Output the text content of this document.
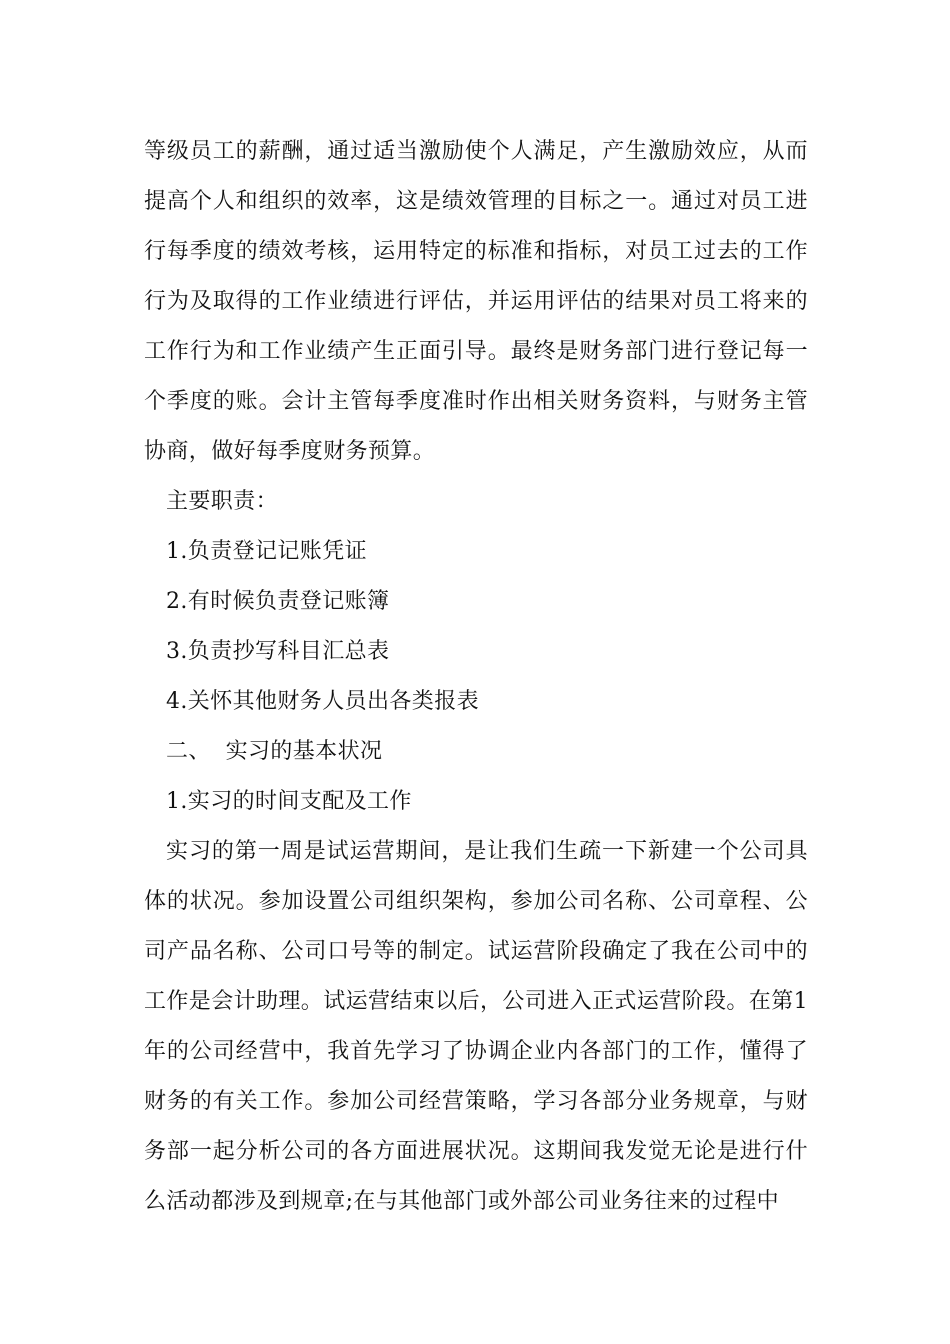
等级员工的薪酬，通过适当激励使个人满足，产生激励效应，从而提高个人和组织的效率，这是绩效管理的目标之一。通过对员工进行每季度的绩效考核，运用特定的标准和指标，对员工过去的工作行为及取得的工作业绩进行评估，并运用评估的结果对员工将来的工作行为和工作业绩产生正面引导。最终是财务部门进行登记每一个季度的账。会计主管每季度准时作出相关财务资料，与财务主管协商，做好每季度财务预算。

主要职责：

1.负责登记记账凭证

2.有时候负责登记账簿

3.负责抄写科目汇总表

4.关怀其他财务人员出各类报表

二、  实习的基本状况

1.实习的时间支配及工作

实习的第一周是试运营期间，是让我们生疏一下新建一个公司具体的状况。参加设置公司组织架构，参加公司名称、公司章程、公司产品名称、公司口号等的制定。试运营阶段确定了我在公司中的工作是会计助理。试运营结束以后，公司进入正式运营阶段。在第1年的公司经营中，我首先学习了协调企业内各部门的工作，懂得了财务的有关工作。参加公司经营策略，学习各部分业务规章，与财务部一起分析公司的各方面进展状况。这期间我发觉无论是进行什么活动都涉及到规章;在与其他部门或外部公司业务往来的过程中
